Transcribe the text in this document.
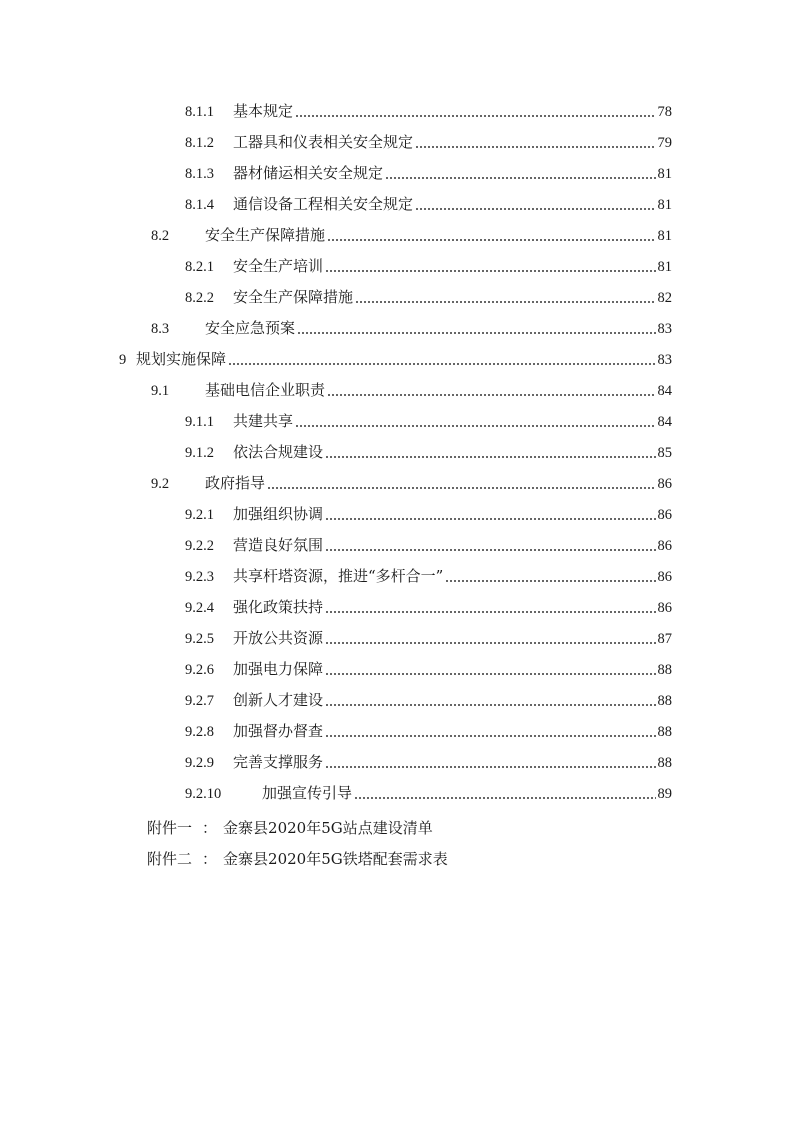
8.1.1	基本规定	78
8.1.2	工器具和仪表相关安全规定	79
8.1.3	器材储运相关安全规定	81
8.1.4	通信设备工程相关安全规定	81
8.2	安全生产保障措施	81
8.2.1	安全生产培训	81
8.2.2	安全生产保障措施	82
8.3	安全应急预案	83
9 规划实施保障	83
9.1	基础电信企业职责	84
9.1.1	共建共享	84
9.1.2	依法合规建设	85
9.2	政府指导	86
9.2.1	加强组织协调	86
9.2.2	营造良好氛围	86
9.2.3	共享杆塔资源，推进“多杆合一”	86
9.2.4	强化政策扶持	86
9.2.5	开放公共资源	87
9.2.6	加强电力保障	88
9.2.7	创新人才建设	88
9.2.8	加强督办督查	88
9.2.9	完善支撑服务	88
9.2.10	加强宣传引导	89
附件一 ： 金寨县2020年5G站点建设清单
附件二 ： 金寨县2020年5G铁塔配套需求表
